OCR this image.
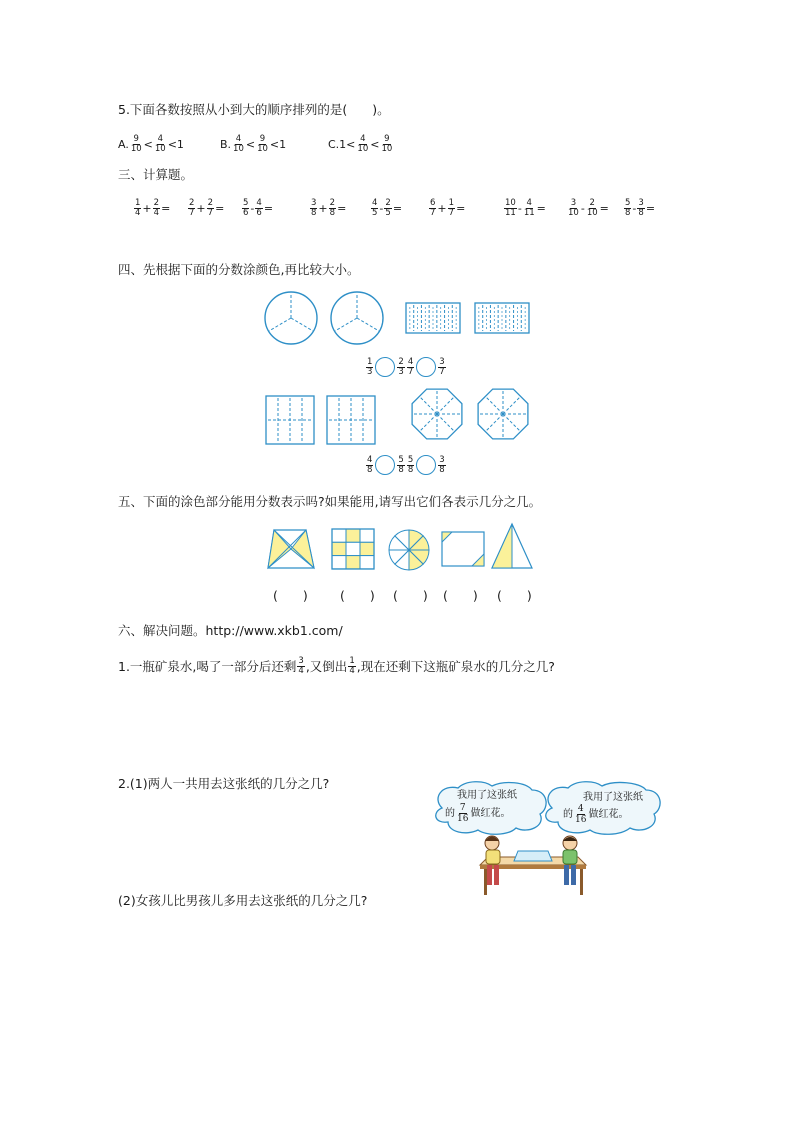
5.下面各数按照从小到大的顺序排列的是(　　)。
A. $\frac{9}{10} < \frac{4}{10} <1$	B. $\frac{4}{10} < \frac{9}{10} <1$	$C.1< \frac{4}{10} < \frac{9}{10}$
三、计算题。
$\frac{1}{4} + \frac{2}{4} = \frac{2}{7} + \frac{2}{7} = \frac{5}{6} - \frac{4}{6}$ =	$\frac{3}{8} + \frac{2}{8}$ =	$\frac{4}{5} - \frac{2}{5}$ =	$\frac{6}{7} + \frac{1}{7}$ =	$\frac{10}{11} - \frac{4}{11} = \frac{3}{10} - \frac{2}{10} = \frac{5}{8} - \frac{3}{8}$ =
四、先根据下面的分数涂颜色,再比较大小。
$\frac{1}{3}$	$\frac{2}{3} \frac{4}{7}$	$\frac{3}{7}$
$\frac{4}{8}$	$\frac{5}{8} \frac{5}{8}$	$\frac{3}{8}$
五、下面的涂色部分能用分数表示吗?如果能用,请写出它们各表示几分之几。
(　　)	(　　) (　　) (　　) (　　)
六、解决问题。http://www.xkb1.com/
1.一瓶矿泉水,喝了一部分后还剩 $\frac{3}{4}$ ,又倒出 $\frac{1}{4}$ ,现在还剩下这瓶矿泉水的几分之几?
2.(1)两人一共用去这张纸的几分之几?
(2)女孩儿比男孩儿多用去这张纸的几分之几?
我用了这张纸
的 $\frac{7}{16}$ 做红花。
我用了这张纸
的 $\frac{4}{16}$ 做红花。
